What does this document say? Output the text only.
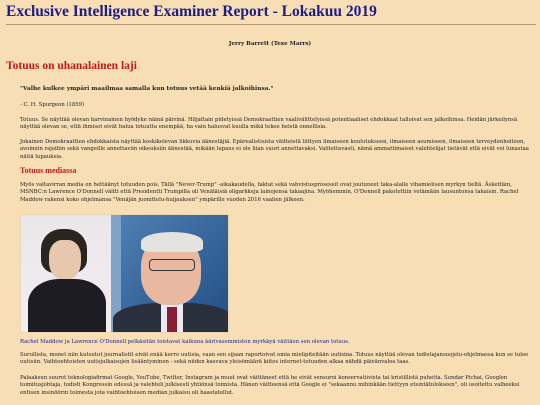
Exclusive Intelligence Examiner Report - Lokakuu 2019
Jerry Barrett (Texe Marrs)
Totuus on uhanalainen laji

"Valhe kulkee ympäri maailmaa samalla kun totuus vetää kenkiä jalkoihinsa."

- C. H. Spurgeon (1859)

Totuus. Se näyttää olevan harvinainen hyödyke näinä päivinä. Hiljattain pidetyissä Demokraattien vaalivälittelyissä potentiaaliset ehdokkaat talloivat sen jalkoihinsa. Heidän järkeilynsä näyttää olevan se, että ihmiset eivät halua totuutta enempää, ha vain halusvat kuulla mikä tekee heistä onnellisia.

Jokainen Demokraattien ehdokkaista näyttää koskikelevan likkuvia äänestäjiä. Epärealistisista väitteistä liittyen ilmaiseen koulutukseen, ilmaiseen asumiseen, ilmaiseen terveydenhoitoon, avoimiin rajoihin sekä vangeille annettaviin oikeuksiin äänestää, mikään lupaus ei ole liian suuri annettavaksi. Valitettavasti, nämä ammattimaiset valehtelijat tietävät että eivät voi lunastaa näitä lupauksia.

Totuus mediassa

Myös valtavirran media on hettäänyt totuuden pois. Tällä "Never-Trump" -aikakaudella, faktat sekä vahvistusprosessit ovat joutuneet taka-alalle vihamielisen myrkyn tieltä. Äskettäin, MSNBC:n Lawrence O'Donnell väitti että Presidentti Trumpilla oli Venäläisiä oligarkkeja lainojensa takaajina. Myöhemmin, O'Donnell pakotettiin vetämään lausuntonsa takaisin. Rachel Maddow rakensi koko ohjelmansa "Venäjän juonittelu-huijauksen" ympärille vuoden 2016 vaalien jälkeen.

Rachel Maddow ja Lawrence O'Donnell pelkäsitän toistavat kaikuna äärivasemmiston myrkkyä väittäen sen olevan totuus.

Surullista, monet niin kutsutut journalistit eivät enää kerro uutisia, vaan sen sijaan raportoivat omia mielipiteitään uutisina. Totuus näyttää olevan todistajansuojelu-ohjelmassa kun se tulee uutisiin. Vaihtoehtoisten uutisjulkaisujen lisääntyminen - sekä niiden kasvava yleisömäärä kiitos internet-totuuden alkaa nähdä päivänvaloa taas.

Palaaksun suuret teknologiafirmat Google, YouTube, Twitter, Instagram ja muut ovat väittäneet että he eivät sensuroi konservatiivista tai kristillistä puhetta. Sundar Pichai, Googlen toimitusjohtaja, todisti Kongressin edessä ja valehteli julkisesti yhtiönsä toimista. Hänen väitteensä että Google ei "sekaannu mihinkään tiettyyn etsintätulokseen", oli osoitettu valheeksi entisen insinöörin toimesta jota vaihtoehtoisen median julkaisu oli haastatellut.
